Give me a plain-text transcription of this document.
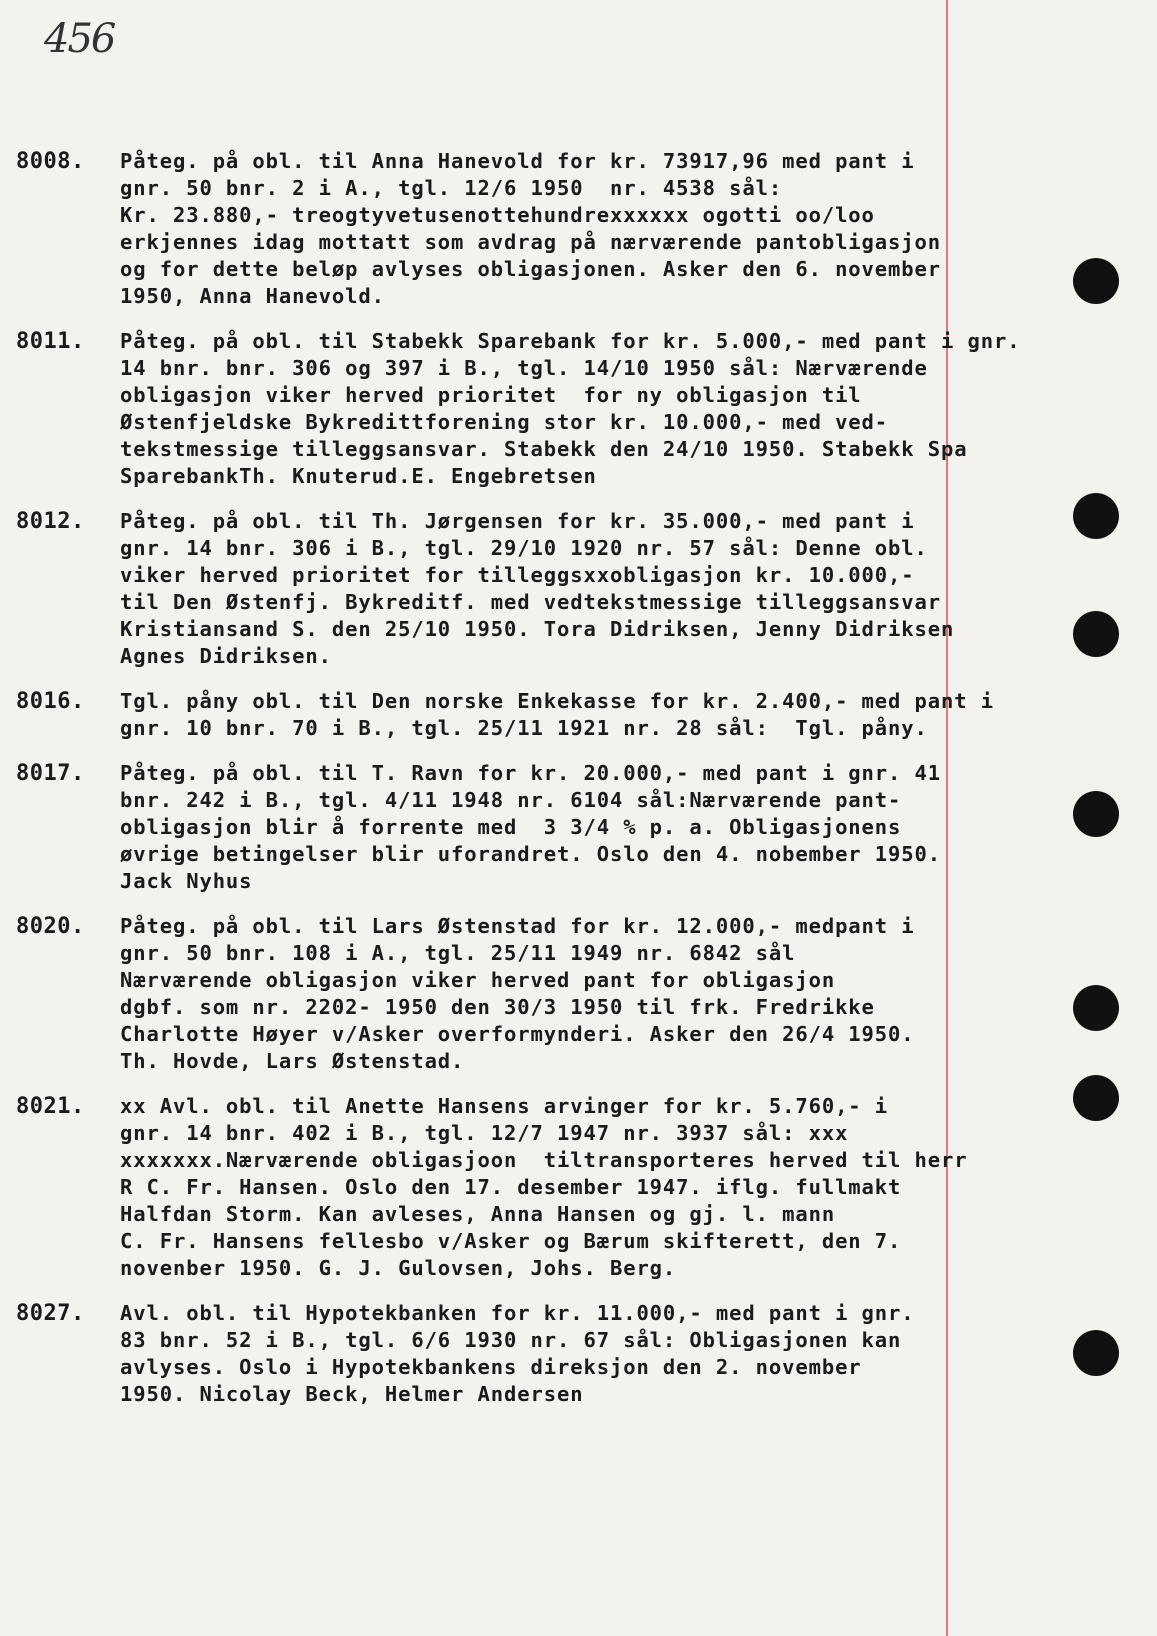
456
8008. Påteg. på obl. til Anna Hanevold for kr. 73917,96 med pant i
gnr. 50 bnr. 2 i A., tgl. 12/6 1950  nr. 4538 sål:
Kr. 23.880,- treogtyvetusenottehundrexxxxxx ogotti oo/loo
erkjennes idag mottatt som avdrag på nærværende pantobligasjon
og for dette beløp avlyses obligasjonen. Asker den 6. november
1950, Anna Hanevold.
8011. Påteg. på obl. til Stabekk Sparebank for kr. 5.000,- med pant i gnr.
14 bnr. bnr. 306 og 397 i B., tgl. 14/10 1950 sål: Nærværende
obligasjon viker herved prioritet  for ny obligasjon til
Østenfjeldske Bykredittforening stor kr. 10.000,- med ved-
tekstmessige tilleggsansvar. Stabekk den 24/10 1950. Stabekk Spa
SparebankTh. Knuterud.E. Engebretsen
8012. Påteg. på obl. til Th. Jørgensen for kr. 35.000,- med pant i
gnr. 14 bnr. 306 i B., tgl. 29/10 1920 nr. 57 sål: Denne obl.
viker herved prioritet for tilleggsxxobligasjon kr. 10.000,-
til Den Østenfj. Bykreditf. med vedtekstmessige tilleggsansvar
Kristiansand S. den 25/10 1950. Tora Didriksen, Jenny Didriksen
Agnes Didriksen.
8016. Tgl. påny obl. til Den norske Enkekasse for kr. 2.400,- med pant i
gnr. 10 bnr. 70 i B., tgl. 25/11 1921 nr. 28 sål:  Tgl. påny.
8017. Påteg. på obl. til T. Ravn for kr. 20.000,- med pant i gnr. 41
bnr. 242 i B., tgl. 4/11 1948 nr. 6104 sål:Nærværende pant-
obligasjon blir å forrente med  3 3/4 % p. a. Obligasjonens
øvrige betingelser blir uforandret. Oslo den 4. nobember 1950.
Jack Nyhus
8020. Påteg. på obl. til Lars Østenstad for kr. 12.000,- medpant i
gnr. 50 bnr. 108 i A., tgl. 25/11 1949 nr. 6842 sål
Nærværende obligasjon viker herved pant for obligasjon
dgbf. som nr. 2202- 1950 den 30/3 1950 til frk. Fredrikke
Charlotte Høyer v/Asker overformynderi. Asker den 26/4 1950.
Th. Hovde, Lars Østenstad.
8021. xx Avl. obl. til Anette Hansens arvinger for kr. 5.760,- i
gnr. 14 bnr. 402 i B., tgl. 12/7 1947 nr. 3937 sål: xxx
xxxxxxx.Nærværende obligasjoon  tiltransporteres herved til herr
R C. Fr. Hansen. Oslo den 17. desember 1947. iflg. fullmakt
Halfdan Storm. Kan avleses, Anna Hansen og gj. l. mann
C. Fr. Hansens fellesbo v/Asker og Bærum skifterett, den 7.
novenber 1950. G. J. Gulovsen, Johs. Berg.
8027. Avl. obl. til Hypotekbanken for kr. 11.000,- med pant i gnr.
83 bnr. 52 i B., tgl. 6/6 1930 nr. 67 sål: Obligasjonen kan
avlyses. Oslo i Hypotekbankens direksjon den 2. november
1950. Nicolay Beck, Helmer Andersen
